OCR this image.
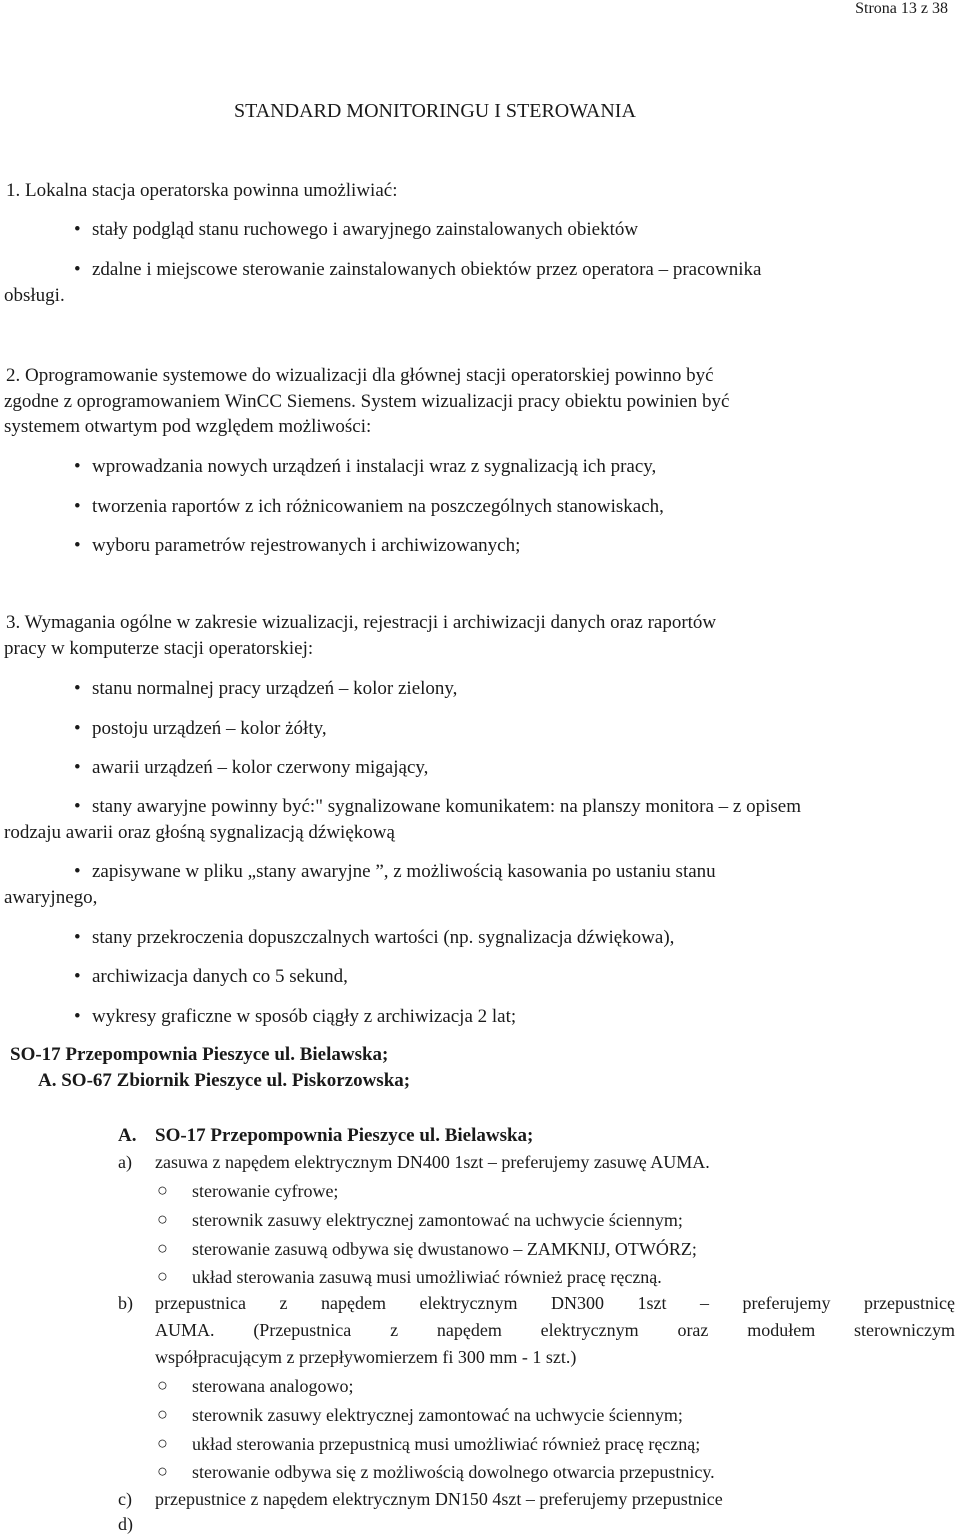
Strona 13 z 38
STANDARD MONITORINGU I STEROWANIA
1. Lokalna stacja operatorska powinna umożliwiać:
• stały podgląd stanu ruchowego i awaryjnego zainstalowanych obiektów
• zdalne i miejscowe sterowanie zainstalowanych obiektów przez operatora – pracownika
obsługi.
2. Oprogramowanie systemowe do wizualizacji dla głównej stacji operatorskiej powinno być
zgodne z oprogramowaniem WinCC Siemens. System wizualizacji pracy obiektu powinien być
systemem otwartym pod względem możliwości:
• wprowadzania nowych urządzeń i instalacji wraz z sygnalizacją ich pracy,
• tworzenia raportów z ich różnicowaniem na poszczególnych stanowiskach,
• wyboru parametrów rejestrowanych i archiwizowanych;
3. Wymagania ogólne w zakresie wizualizacji, rejestracji i archiwizacji danych oraz raportów
pracy w komputerze stacji operatorskiej:
• stanu normalnej pracy urządzeń – kolor zielony,
• postoju urządzeń – kolor żółty,
• awarii urządzeń – kolor czerwony migający,
• stany awaryjne powinny być:" sygnalizowane komunikatem: na planszy monitora – z opisem
rodzaju awarii oraz głośną sygnalizacją dźwiękową
• zapisywane w pliku „stany awaryjne ”, z możliwością kasowania po ustaniu stanu
awaryjnego,
• stany przekroczenia dopuszczalnych wartości (np. sygnalizacja dźwiękowa),
• archiwizacja danych co 5 sekund,
• wykresy graficzne w sposób ciągły z archiwizacja 2 lat;
SO-17 Przepompownia Pieszyce ul. Bielawska;
A. SO-67 Zbiornik Pieszyce ul. Piskorzowska;
A. SO-17 Przepompownia Pieszyce ul. Bielawska;
a) zasuwa z napędem elektrycznym DN400 1szt – preferujemy zasuwę AUMA.
○ sterowanie cyfrowe;
○ sterownik zasuwy elektrycznej zamontować na uchwycie ściennym;
○ sterowanie zasuwą odbywa się dwustanowo – ZAMKNIJ, OTWÓRZ;
○ układ sterowania zasuwą musi umożliwiać również pracę ręczną.
b) przepustnica z napędem elektrycznym DN300 1szt – preferujemy przepustnicę
AUMA. (Przepustnica z napędem elektrycznym oraz modułem sterowniczym
współpracującym z przepływomierzem fi 300 mm - 1 szt.)
○ sterowana analogowo;
○ sterownik zasuwy elektrycznej zamontować na uchwycie ściennym;
○ układ sterowania przepustnicą musi umożliwiać również pracę ręczną;
○ sterowanie odbywa się z możliwością dowolnego otwarcia przepustnicy.
c) przepustnice z napędem elektrycznym DN150 4szt – preferujemy przepustnice
d)
